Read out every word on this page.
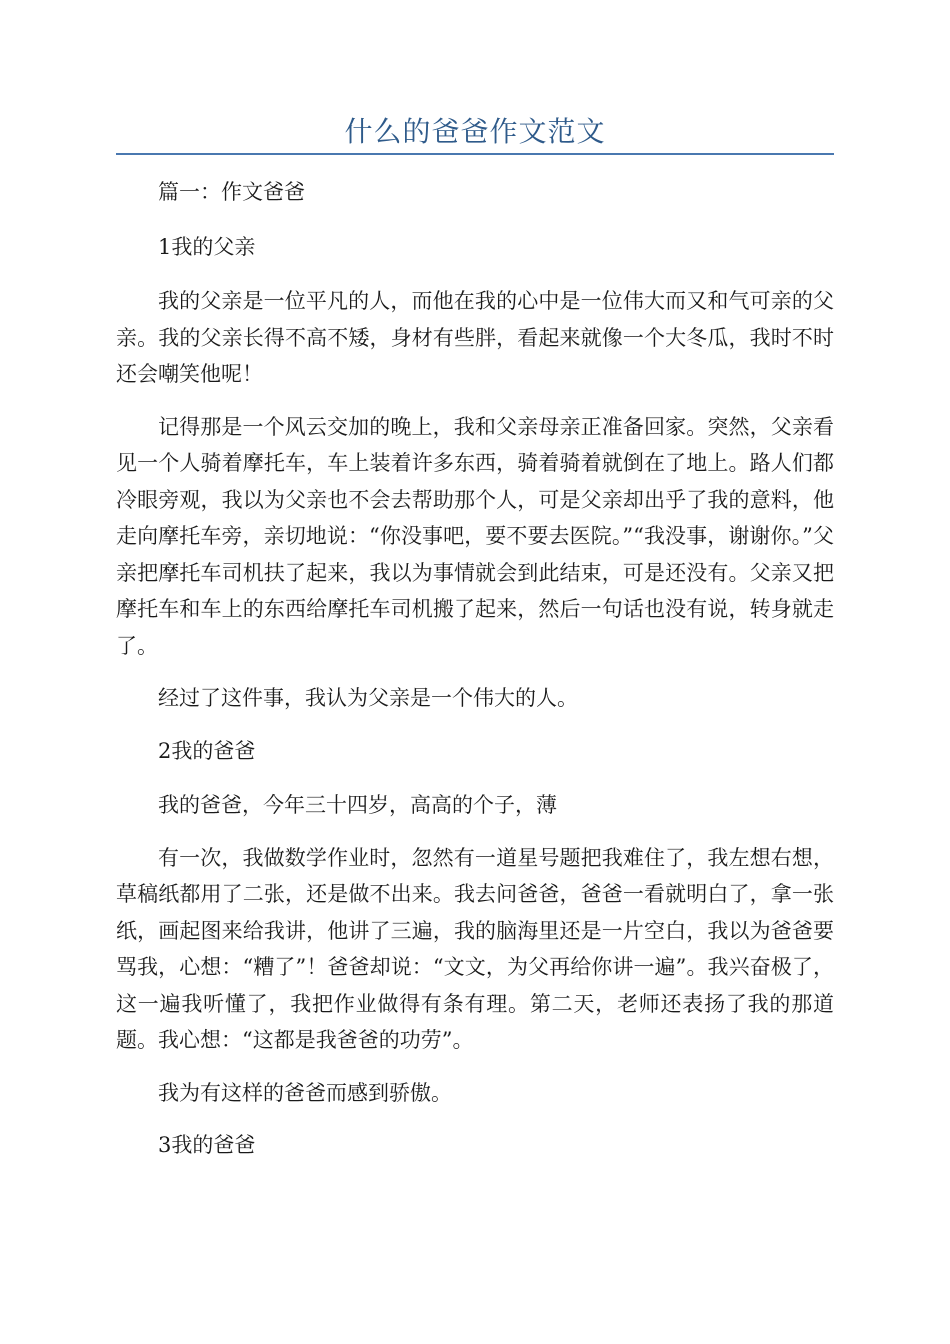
什么的爸爸作文范文

篇一：作文爸爸

1我的父亲

我的父亲是一位平凡的人，而他在我的心中是一位伟大而又和气可亲的父亲。我的父亲长得不高不矮，身材有些胖，看起来就像一个大冬瓜，我时不时还会嘲笑他呢！

记得那是一个风云交加的晚上，我和父亲母亲正准备回家。突然，父亲看见一个人骑着摩托车，车上装着许多东西，骑着骑着就倒在了地上。路人们都冷眼旁观，我以为父亲也不会去帮助那个人，可是父亲却出乎了我的意料，他走向摩托车旁，亲切地说：“你没事吧，要不要去医院。”“我没事，谢谢你。”父亲把摩托车司机扶了起来，我以为事情就会到此结束，可是还没有。父亲又把摩托车和车上的东西给摩托车司机搬了起来，然后一句话也没有说，转身就走了。

经过了这件事，我认为父亲是一个伟大的人。

2我的爸爸

我的爸爸，今年三十四岁，高高的个子，薄

有一次，我做数学作业时，忽然有一道星号题把我难住了，我左想右想，草稿纸都用了二张，还是做不出来。我去问爸爸，爸爸一看就明白了，拿一张纸，画起图来给我讲，他讲了三遍，我的脑海里还是一片空白，我以为爸爸要骂我，心想：“糟了”！爸爸却说：“文文，为父再给你讲一遍”。我兴奋极了，这一遍我听懂了，我把作业做得有条有理。第二天，老师还表扬了我的那道题。我心想：“这都是我爸爸的功劳”。

我为有这样的爸爸而感到骄傲。

3我的爸爸
